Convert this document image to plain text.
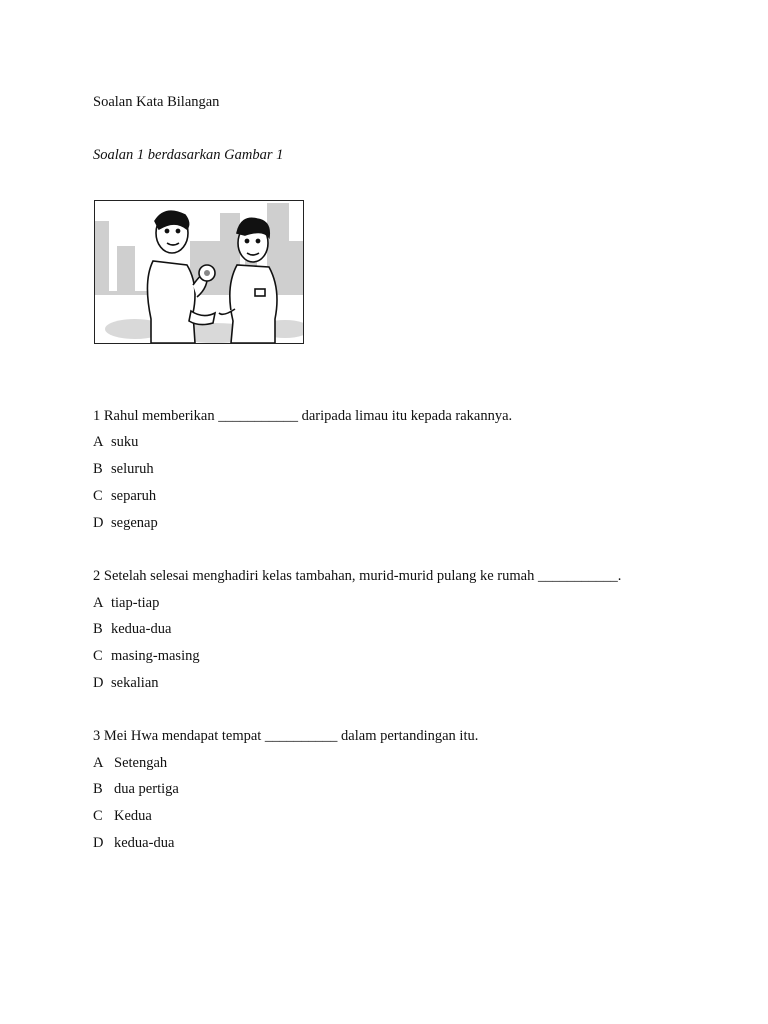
Soalan Kata Bilangan
Soalan 1 berdasarkan Gambar 1
1 Rahul memberikan ___________ daripada limau itu kepada rakannya.
A suku
B seluruh
C separuh
D segenap
2 Setelah selesai menghadiri kelas tambahan, murid-murid pulang ke rumah ___________.
A tiap-tiap
B kedua-dua
C masing-masing
D sekalian
3 Mei Hwa mendapat tempat __________ dalam pertandingan itu.
A Setengah
B dua pertiga
C Kedua
D kedua-dua
